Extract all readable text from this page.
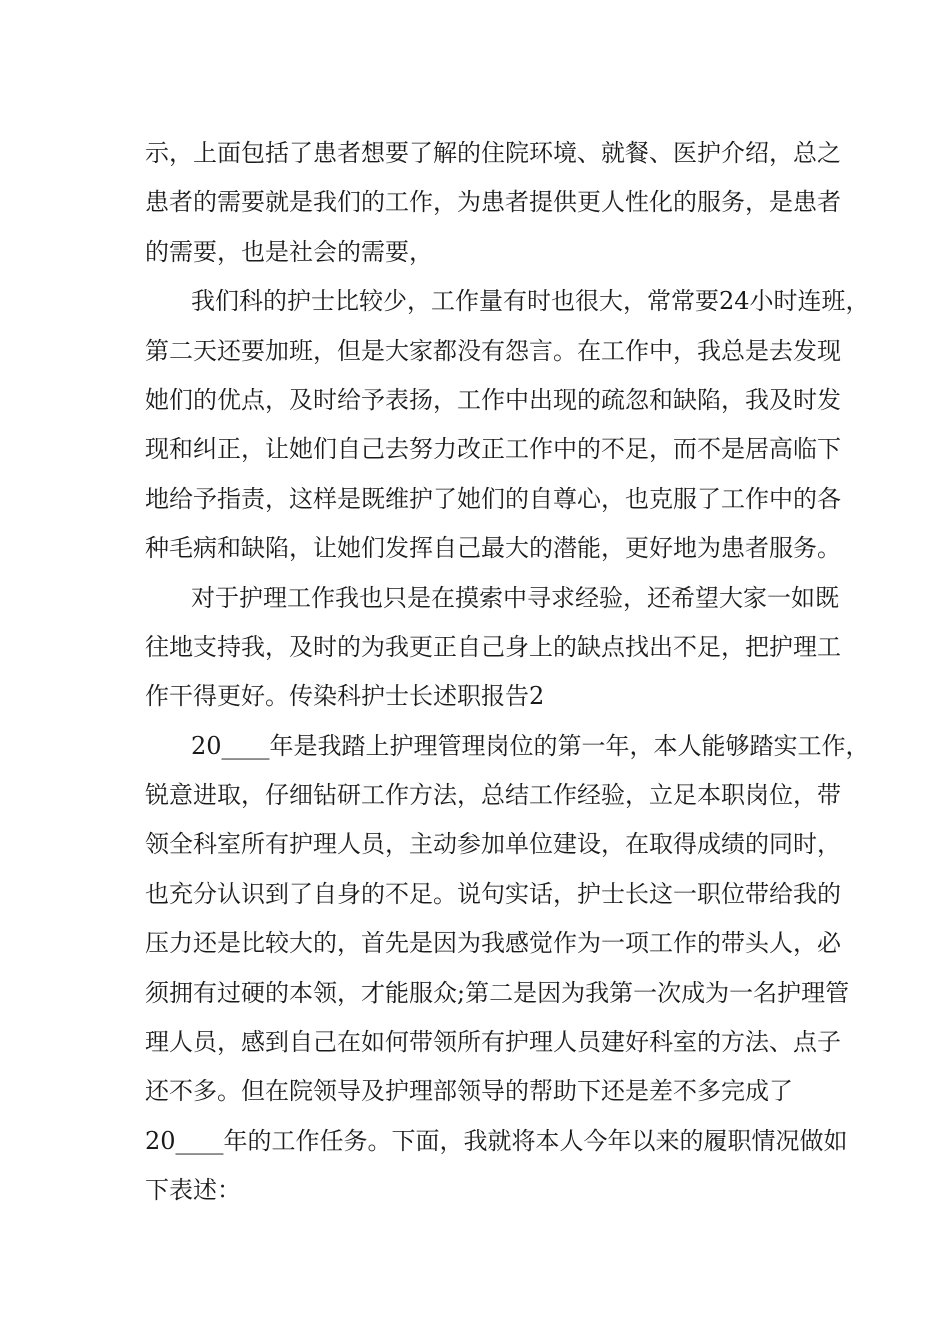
示，上面包括了患者想要了解的住院环境、就餐、医护介绍，总之
患者的需要就是我们的工作，为患者提供更人性化的服务，是患者
的需要，也是社会的需要，
我们科的护士比较少，工作量有时也很大，常常要24小时连班，
第二天还要加班，但是大家都没有怨言。在工作中，我总是去发现
她们的优点，及时给予表扬，工作中出现的疏忽和缺陷，我及时发
现和纠正，让她们自己去努力改正工作中的不足，而不是居高临下
地给予指责，这样是既维护了她们的自尊心，也克服了工作中的各
种毛病和缺陷，让她们发挥自己最大的潜能，更好地为患者服务。
对于护理工作我也只是在摸索中寻求经验，还希望大家一如既
往地支持我，及时的为我更正自己身上的缺点找出不足，把护理工
作干得更好。传染科护士长述职报告2
20____年是我踏上护理管理岗位的第一年，本人能够踏实工作，
锐意进取，仔细钻研工作方法，总结工作经验，立足本职岗位，带
领全科室所有护理人员，主动参加单位建设，在取得成绩的同时，
也充分认识到了自身的不足。说句实话，护士长这一职位带给我的
压力还是比较大的，首先是因为我感觉作为一项工作的带头人，必
须拥有过硬的本领，才能服众;第二是因为我第一次成为一名护理管
理人员，感到自己在如何带领所有护理人员建好科室的方法、点子
还不多。但在院领导及护理部领导的帮助下还是差不多完成了
20____年的工作任务。下面，我就将本人今年以来的履职情况做如
下表述：
